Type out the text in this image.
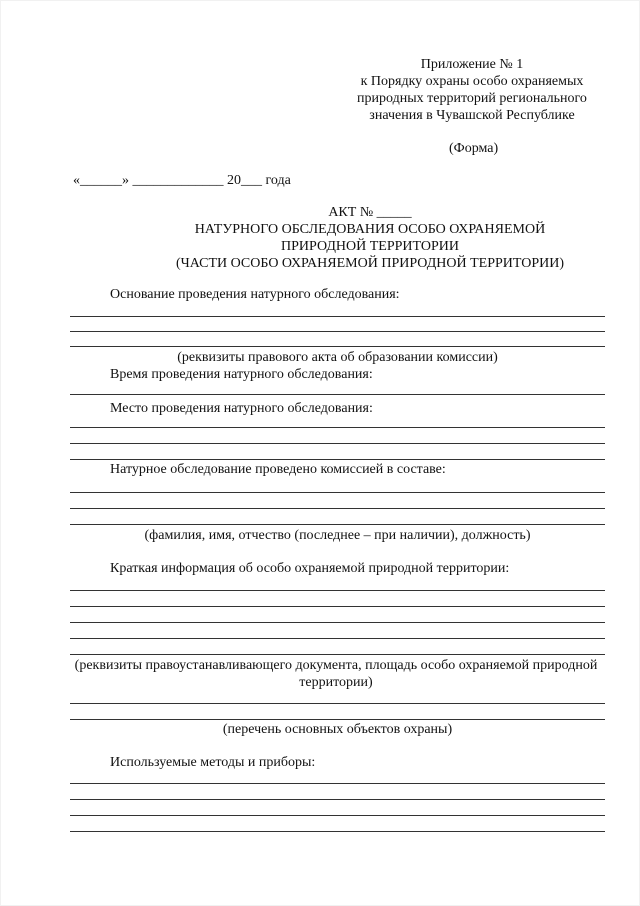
Приложение № 1
к Порядку охраны особо охраняемых
природных территорий регионального
значения в Чувашской Республике
(Форма)
«______» _____________ 20___ года
АКТ № _____
НАТУРНОГО ОБСЛЕДОВАНИЯ ОСОБО ОХРАНЯЕМОЙ
ПРИРОДНОЙ ТЕРРИТОРИИ
(ЧАСТИ ОСОБО ОХРАНЯЕМОЙ ПРИРОДНОЙ ТЕРРИТОРИИ)
Основание проведения натурного обследования:
(реквизиты правового акта об образовании комиссии)
Время проведения натурного обследования:
Место проведения натурного обследования:
Натурное обследование проведено комиссией в составе:
(фамилия, имя, отчество (последнее – при наличии), должность)
Краткая информация об особо охраняемой природной территории:
(реквизиты правоустанавливающего документа, площадь особо охраняемой природной
территории)
(перечень основных объектов охраны)
Используемые методы и приборы:
